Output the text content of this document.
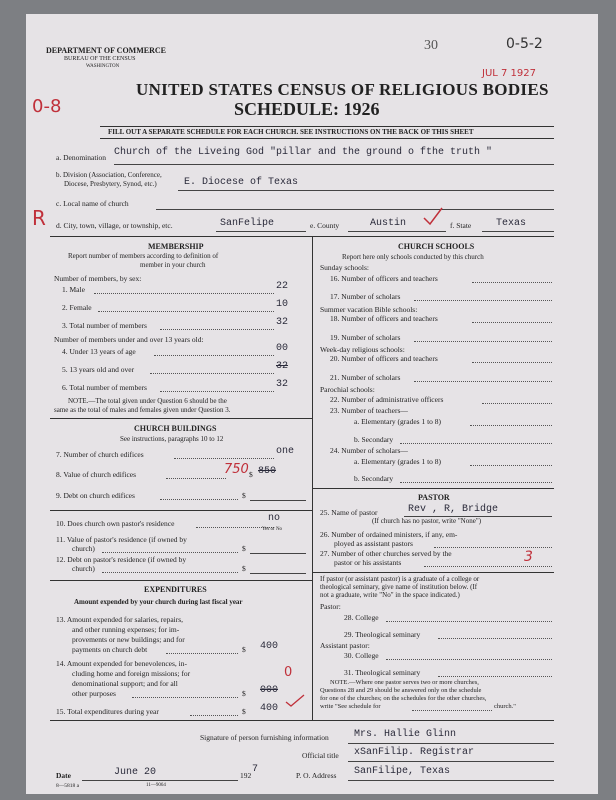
DEPARTMENT OF COMMERCE
BUREAU OF THE CENSUS
WASHINGTON
30	0-5-2
JUL 7 1927
UNITED STATES CENSUS OF RELIGIOUS BODIES
SCHEDULE: 1926
0-8
FILL OUT A SEPARATE SCHEDULE FOR EACH CHURCH. SEE INSTRUCTIONS ON THE BACK OF THIS SHEET
a. Denomination Church of the Liveing God "pillar and the ground o fthe truth "
b. Division (Association, Conference,
Diocese, Presbytery, Synod, etc.)	E. Diocese of Texas
c. Local name of church
R d. City, town, village, or township, etc.	SanFelipe	e. County	Austin	f. State Texas
MEMBERSHIP
Report number of members according to definition of
member in your church
Number of members, by sex:
1. Male	22
2. Female	10
3. Total number of members	32
Number of members under and over 13 years old:
4. Under 13 years of age	00
5. 13 years old and over	32
6. Total number of members	32
NOTE.—The total given under Question 6 should be the
same as the total of males and females given under Question 3.
CHURCH BUILDINGS
See instructions, paragraphs 10 to 12
7. Number of church edifices	one
8. Value of church edifices	750 $ 850
9. Debt on church edifices	$
10. Does church own pastor's residence	no
Yes or No
11. Value of pastor's residence (if owned by
church)	$
12. Debt on pastor's residence (if owned by
church)	$
EXPENDITURES
Amount expended by your church during last fiscal year
13. Amount expended for salaries, repairs,
and other running expenses; for im-
provements or new buildings; and for
payments on church debt	$ 400
14. Amount expended for benevolences, in-
cluding home and foreign missions; for
denominational support; and for all
other purposes
0
$ 000
15. Total expenditures during year	$ 400
CHURCH SCHOOLS
Report here only schools conducted by this church
Sunday schools:
16. Number of officers and teachers
17. Number of scholars
Summer vacation Bible schools:
18. Number of officers and teachers
19. Number of scholars
Week-day religious schools:
20. Number of officers and teachers
21. Number of scholars
Parochial schools:
22. Number of administrative officers
23. Number of teachers—
a. Elementary (grades 1 to 8)
b. Secondary
24. Number of scholars—
a. Elementary (grades 1 to 8)
b. Secondary
PASTOR
25. Name of pastor	Rev , R, Bridge
(If church has no pastor, write "None")
26. Number of ordained ministers, if any, em-
ployed as assistant pastors
27. Number of other churches served by the
pastor or his assistants	3
If pastor (or assistant pastor) is a graduate of a college or
theological seminary, give name of institution below. (If
not a graduate, write "No" in the space indicated.)
Pastor:
28. College
29. Theological seminary
Assistant pastor:
30. College
31. Theological seminary
NOTE.—Where one pastor serves two or more churches,
Questions 28 and 29 should be answered only on the schedule
for one of the churches; on the schedules for the other churches,
write "See schedule for	church."
Signature of person furnishing information	Mrs. Hallie Glinn
Official title xSanFilip. Registrar
Date	June 20	192
7
P. O. Address SanFilipe, Texas
8—5818 a	11—9064
